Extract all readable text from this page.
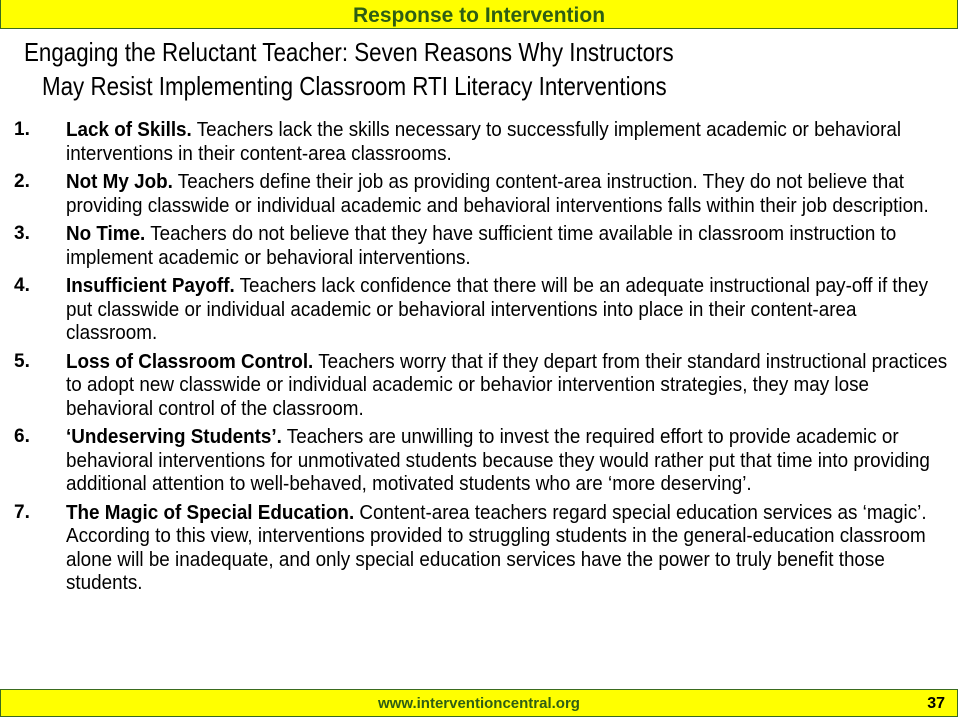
Response to Intervention
Engaging the Reluctant Teacher: Seven Reasons Why Instructors
May Resist Implementing Classroom RTI Literacy Interventions
1. Lack of Skills. Teachers lack the skills necessary to successfully implement academic or behavioral interventions in their content-area classrooms.
2. Not My Job. Teachers define their job as providing content-area instruction. They do not believe that providing classwide or individual academic and behavioral interventions falls within their job description.
3. No Time. Teachers do not believe that they have sufficient time available in classroom instruction to implement academic or behavioral interventions.
4. Insufficient Payoff. Teachers lack confidence that there will be an adequate instructional pay-off if they put classwide or individual academic or behavioral interventions into place in their content-area classroom.
5. Loss of Classroom Control. Teachers worry that if they depart from their standard instructional practices to adopt new classwide or individual academic or behavior intervention strategies, they may lose behavioral control of the classroom.
6. ‘Undeserving Students’. Teachers are unwilling to invest the required effort to provide academic or behavioral interventions for unmotivated students because they would rather put that time into providing additional attention to well-behaved, motivated students who are ‘more deserving’.
7. The Magic of Special Education. Content-area teachers regard special education services as ‘magic’. According to this view, interventions provided to struggling students in the general-education classroom alone will be inadequate, and only special education services have the power to truly benefit those students.
www.interventioncentral.org	37
